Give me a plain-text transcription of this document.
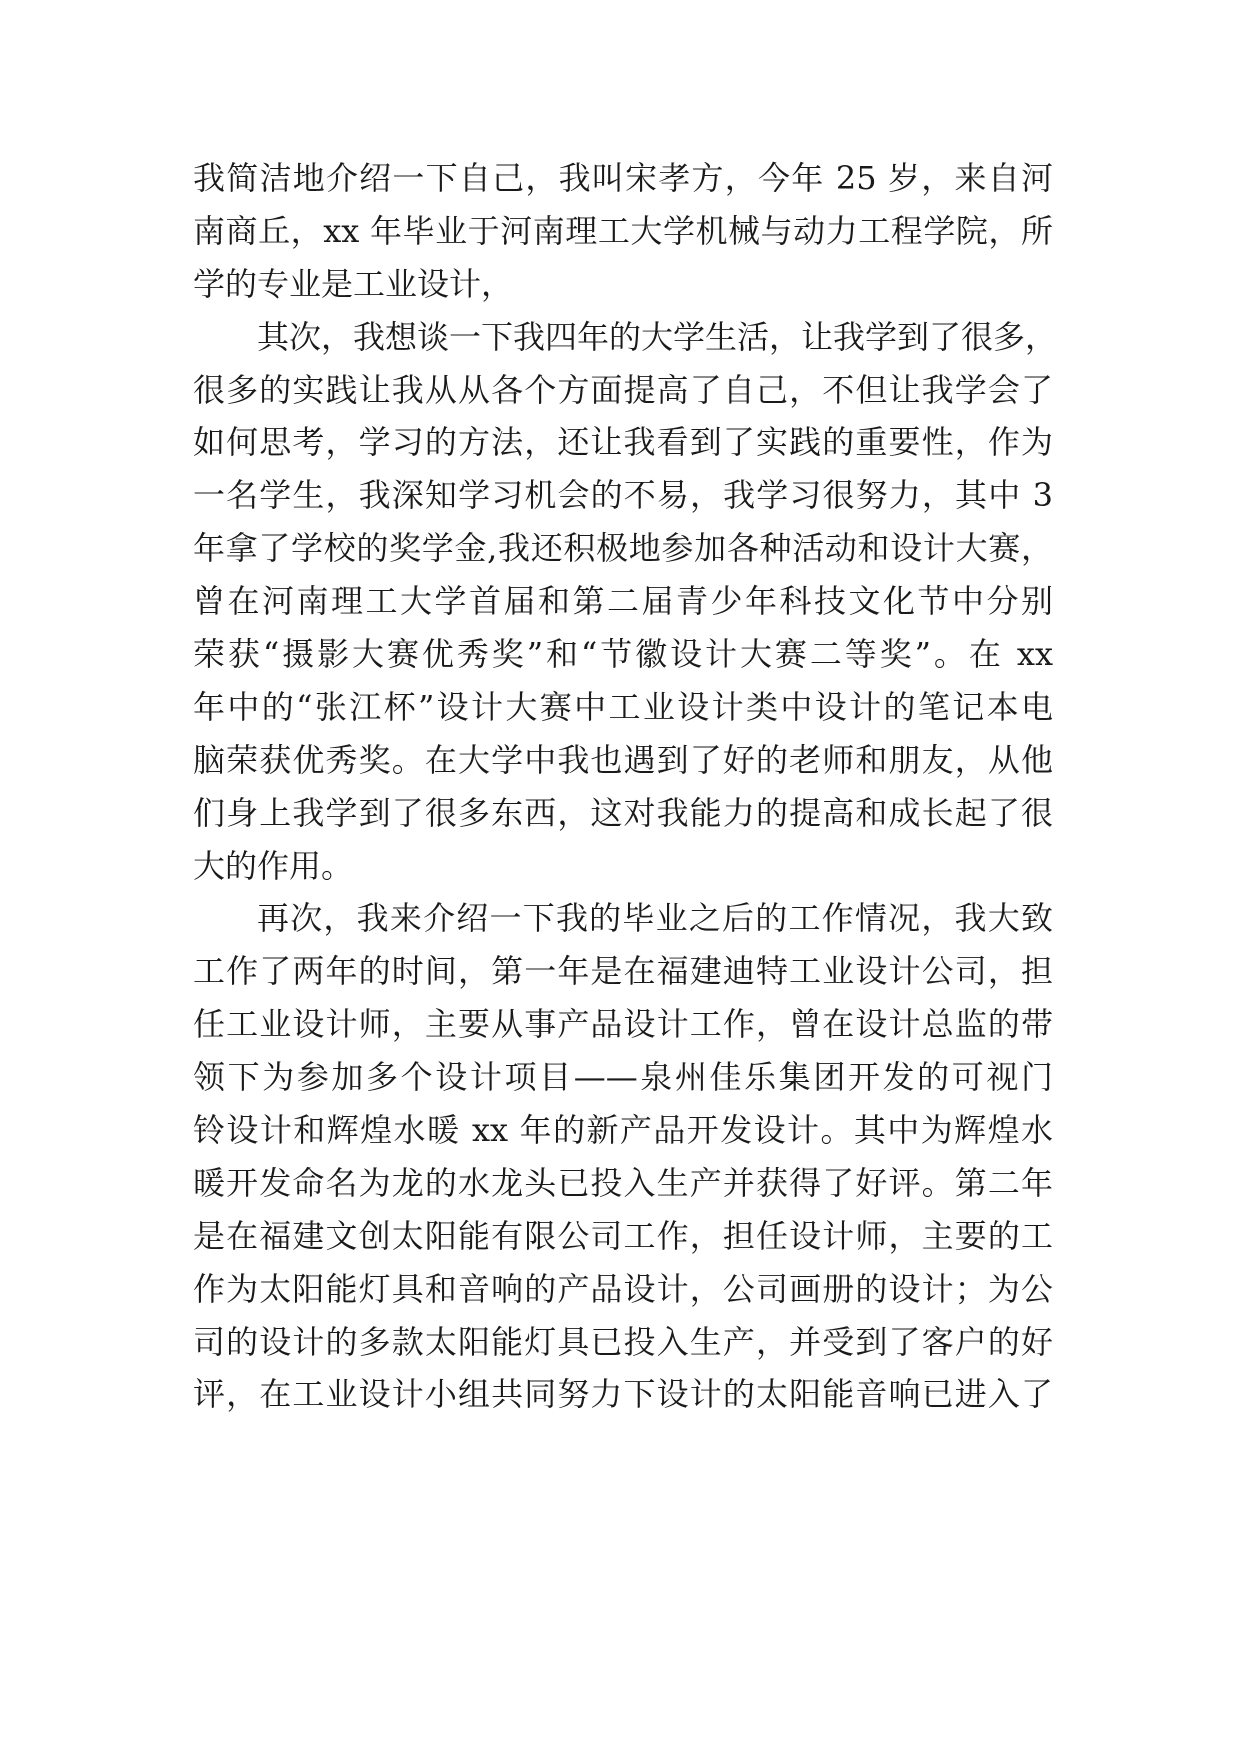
我简洁地介绍一下自己，我叫宋孝方，今年 25 岁，来自河
南商丘，xx 年毕业于河南理工大学机械与动力工程学院，所
学的专业是工业设计，
其次，我想谈一下我四年的大学生活，让我学到了很多，
很多的实践让我从从各个方面提高了自己，不但让我学会了
如何思考，学习的方法，还让我看到了实践的重要性，作为
一名学生，我深知学习机会的不易，我学习很努力，其中 3
年拿了学校的奖学金,我还积极地参加各种活动和设计大赛，
曾在河南理工大学首届和第二届青少年科技文化节中分别
荣获“摄影大赛优秀奖”和“节徽设计大赛二等奖”。在 xx
年中的“张江杯”设计大赛中工业设计类中设计的笔记本电
脑荣获优秀奖。在大学中我也遇到了好的老师和朋友，从他
们身上我学到了很多东西，这对我能力的提高和成长起了很
大的作用。
再次，我来介绍一下我的毕业之后的工作情况，我大致
工作了两年的时间，第一年是在福建迪特工业设计公司，担
任工业设计师，主要从事产品设计工作，曾在设计总监的带
领下为参加多个设计项目——泉州佳乐集团开发的可视门
铃设计和辉煌水暖 xx 年的新产品开发设计。其中为辉煌水
暖开发命名为龙的水龙头已投入生产并获得了好评。第二年
是在福建文创太阳能有限公司工作，担任设计师，主要的工
作为太阳能灯具和音响的产品设计，公司画册的设计；为公
司的设计的多款太阳能灯具已投入生产，并受到了客户的好
评，在工业设计小组共同努力下设计的太阳能音响已进入了
